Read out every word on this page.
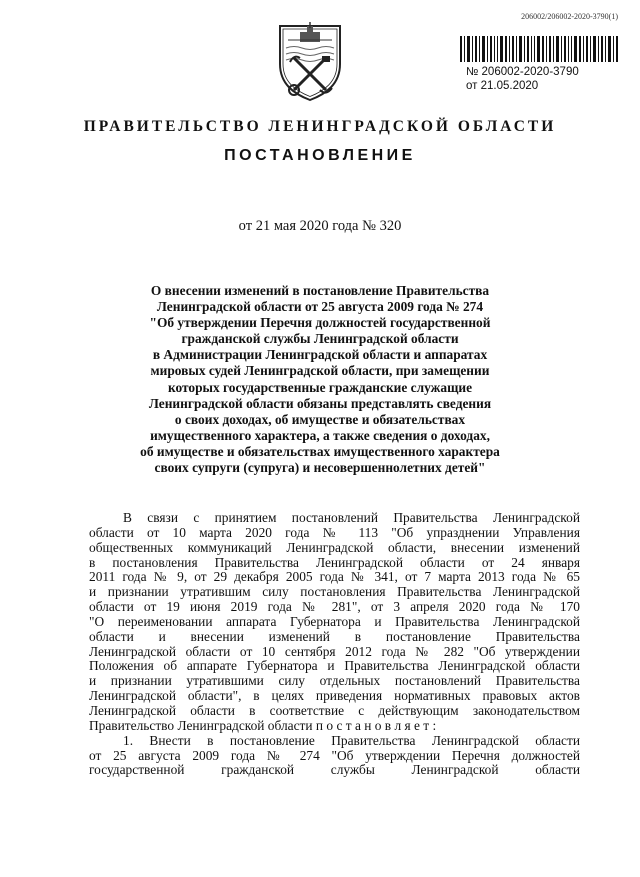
206002/206002-2020-3790(1)
№ 206002-2020-3790
от 21.05.2020
ПРАВИТЕЛЬСТВО ЛЕНИНГРАДСКОЙ ОБЛАСТИ
ПОСТАНОВЛЕНИЕ
от 21 мая 2020 года № 320
О внесении изменений в постановление Правительства
Ленинградской области от 25 августа 2009 года № 274
"Об утверждении Перечня должностей государственной
гражданской службы Ленинградской области
в Администрации Ленинградской области и аппаратах
мировых судей Ленинградской области, при замещении
которых государственные гражданские служащие
Ленинградской области обязаны представлять сведения
о своих доходах, об имуществе и обязательствах
имущественного характера, а также сведения о доходах,
об имуществе и обязательствах имущественного характера
своих супруги (супруга) и несовершеннолетних детей"
В связи с принятием постановлений Правительства Ленинградской
области от 10 марта 2020 года № 113 "Об упразднении Управления
общественных коммуникаций Ленинградской области, внесении изменений
в постановления Правительства Ленинградской области от 24 января
2011 года № 9, от 29 декабря 2005 года № 341, от 7 марта 2013 года № 65
и признании утратившим силу постановления Правительства Ленинградской
области от 19 июня 2019 года № 281", от 3 апреля 2020 года № 170
"О переименовании аппарата Губернатора и Правительства Ленинградской
области и внесении изменений в постановление Правительства
Ленинградской области от 10 сентября 2012 года № 282 "Об утверждении
Положения об аппарате Губернатора и Правительства Ленинградской области
и признании утратившими силу отдельных постановлений Правительства
Ленинградской области", в целях приведения нормативных правовых актов
Ленинградской области в соответствие с действующим законодательством
Правительство Ленинградской области п о с т а н о в л я е т :
1. Внести в постановление Правительства Ленинградской области
от 25 августа 2009 года № 274 "Об утверждении Перечня должностей
государственной гражданской службы Ленинградской области
